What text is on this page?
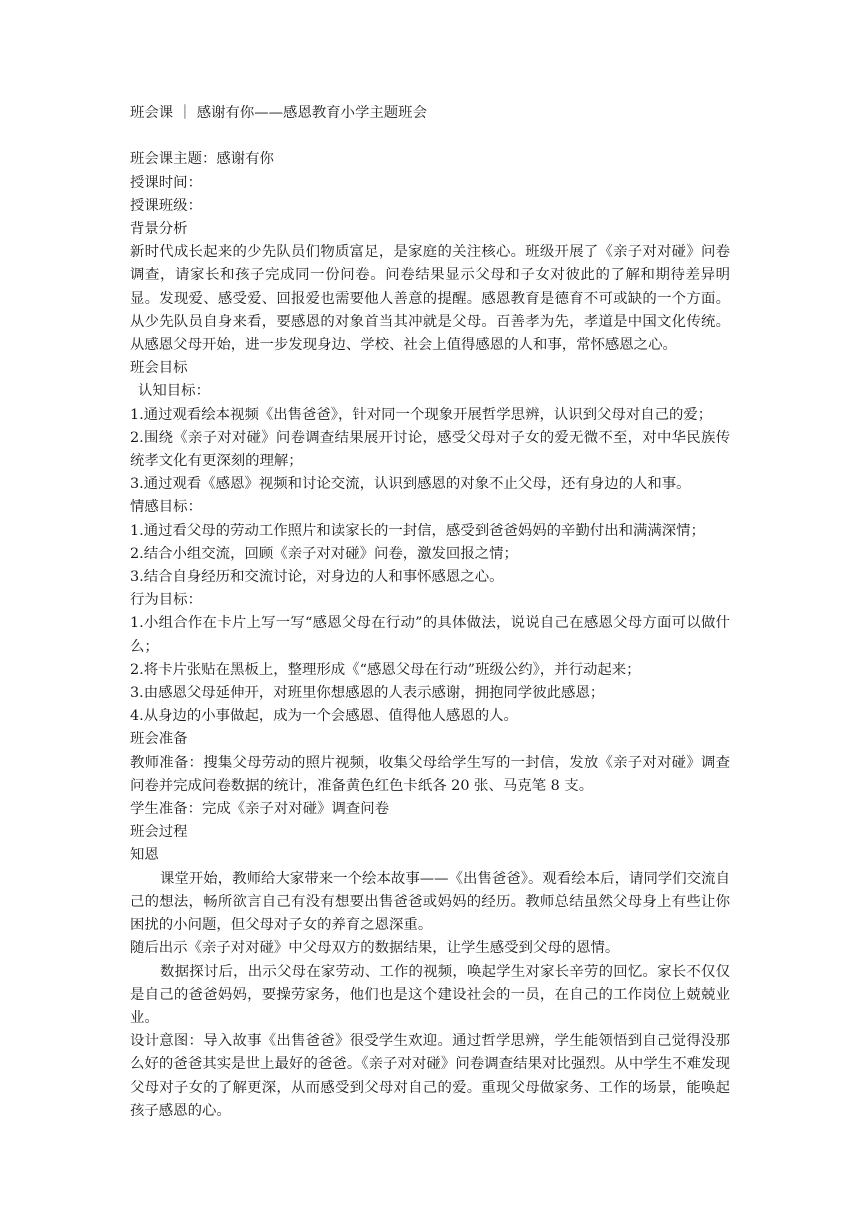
班会课 ｜ 感谢有你——感恩教育小学主题班会

班会课主题：感谢有你

授课时间：

授课班级：

背景分析

新时代成长起来的少先队员们物质富足，是家庭的关注核心。班级开展了《亲子对对碰》问卷调查，请家长和孩子完成同一份问卷。问卷结果显示父母和子女对彼此的了解和期待差异明显。发现爱、感受爱、回报爱也需要他人善意的提醒。感恩教育是德育不可或缺的一个方面。从少先队员自身来看，要感恩的对象首当其冲就是父母。百善孝为先，孝道是中国文化传统。从感恩父母开始，进一步发现身边、学校、社会上值得感恩的人和事，常怀感恩之心。

班会目标

认知目标：

1.通过观看绘本视频《出售爸爸》，针对同一个现象开展哲学思辨，认识到父母对自己的爱；

2.围绕《亲子对对碰》问卷调查结果展开讨论，感受父母对子女的爱无微不至，对中华民族传统孝文化有更深刻的理解；

3.通过观看《感恩》视频和讨论交流，认识到感恩的对象不止父母，还有身边的人和事。

情感目标：

1.通过看父母的劳动工作照片和读家长的一封信，感受到爸爸妈妈的辛勤付出和满满深情；

2.结合小组交流，回顾《亲子对对碰》问卷，激发回报之情；

3.结合自身经历和交流讨论，对身边的人和事怀感恩之心。

行为目标：

1.小组合作在卡片上写一写“感恩父母在行动”的具体做法，说说自己在感恩父母方面可以做什么；

2.将卡片张贴在黑板上，整理形成《“感恩父母在行动”班级公约》，并行动起来；

3.由感恩父母延伸开，对班里你想感恩的人表示感谢，拥抱同学彼此感恩；

4.从身边的小事做起，成为一个会感恩、值得他人感恩的人。

班会准备

教师准备：搜集父母劳动的照片视频，收集父母给学生写的一封信，发放《亲子对对碰》调查问卷并完成问卷数据的统计，准备黄色红色卡纸各 20 张、马克笔 8 支。

学生准备：完成《亲子对对碰》调查问卷

班会过程

知恩

课堂开始，教师给大家带来一个绘本故事——《出售爸爸》。观看绘本后，请同学们交流自己的想法，畅所欲言自己有没有想要出售爸爸或妈妈的经历。教师总结虽然父母身上有些让你困扰的小问题，但父母对子女的养育之恩深重。

随后出示《亲子对对碰》中父母双方的数据结果，让学生感受到父母的恩情。

数据探讨后，出示父母在家劳动、工作的视频，唤起学生对家长辛劳的回忆。家长不仅仅是自己的爸爸妈妈，要操劳家务，他们也是这个建设社会的一员，在自己的工作岗位上兢兢业业。

设计意图：导入故事《出售爸爸》很受学生欢迎。通过哲学思辨，学生能领悟到自己觉得没那么好的爸爸其实是世上最好的爸爸。《亲子对对碰》问卷调查结果对比强烈。从中学生不难发现父母对子女的了解更深，从而感受到父母对自己的爱。重现父母做家务、工作的场景，能唤起孩子感恩的心。
